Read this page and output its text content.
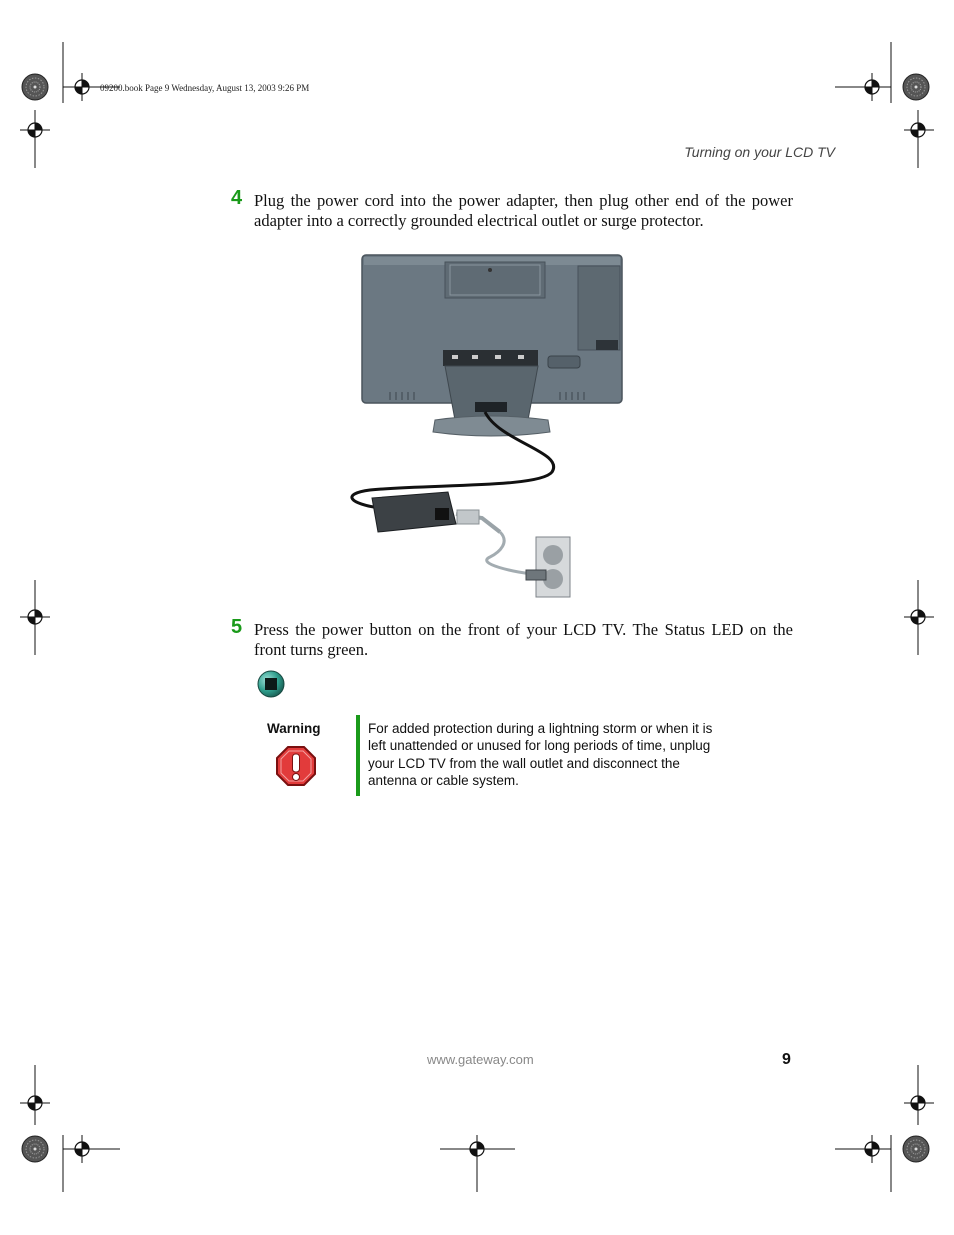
09200.book Page 9 Wednesday, August 13, 2003 9:26 PM
Turning on your LCD TV
4 Plug the power cord into the power adapter, then plug other end of the power adapter into a correctly grounded electrical outlet or surge protector.
5 Press the power button on the front of your LCD TV. The Status LED on the front turns green.
Warning	For added protection during a lightning storm or when it is left unattended or unused for long periods of time, unplug your LCD TV from the wall outlet and disconnect the antenna or cable system.
www.gateway.com	9
